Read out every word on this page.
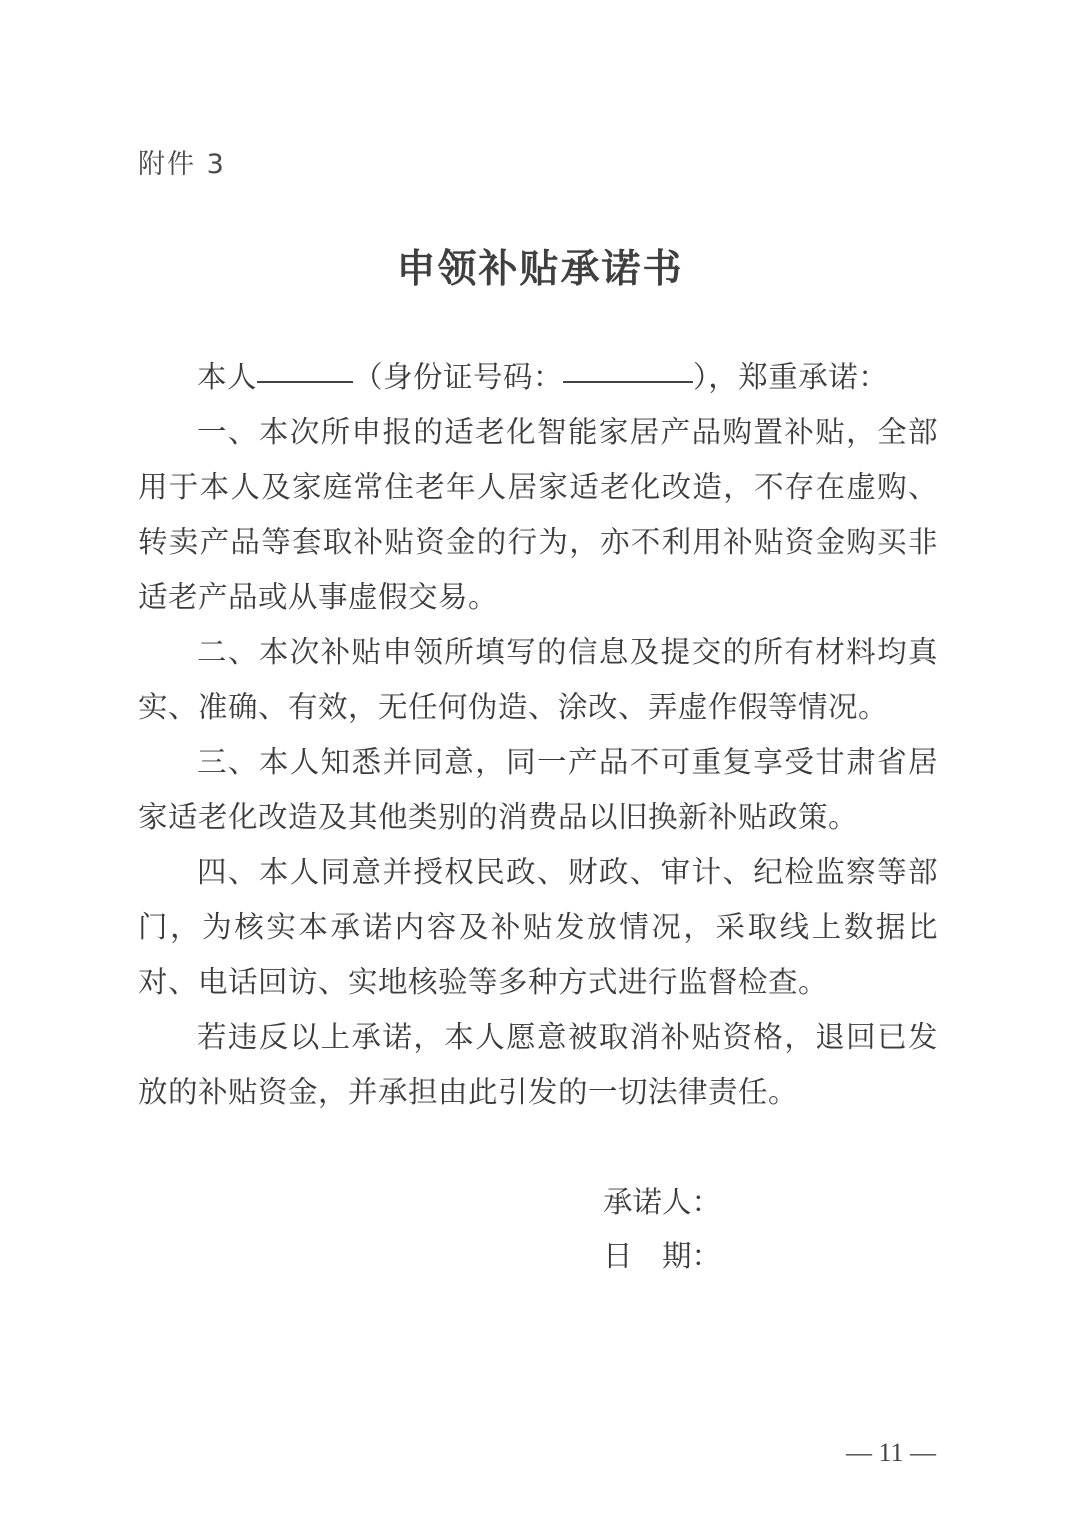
附件 3
申领补贴承诺书

本人	（身份证号码：	），郑重承诺：

一、本次所申报的适老化智能家居产品购置补贴，全部用于本人及家庭常住老年人居家适老化改造，不存在虚购、转卖产品等套取补贴资金的行为，亦不利用补贴资金购买非适老产品或从事虚假交易。

二、本次补贴申领所填写的信息及提交的所有材料均真实、准确、有效，无任何伪造、涂改、弄虚作假等情况。

三、本人知悉并同意，同一产品不可重复享受甘肃省居家适老化改造及其他类别的消费品以旧换新补贴政策。

四、本人同意并授权民政、财政、审计、纪检监察等部门，为核实本承诺内容及补贴发放情况，采取线上数据比对、电话回访、实地核验等多种方式进行监督检查。

若违反以上承诺，本人愿意被取消补贴资格，退回已发放的补贴资金，并承担由此引发的一切法律责任。

承诺人：
日　期：
— 11 —
